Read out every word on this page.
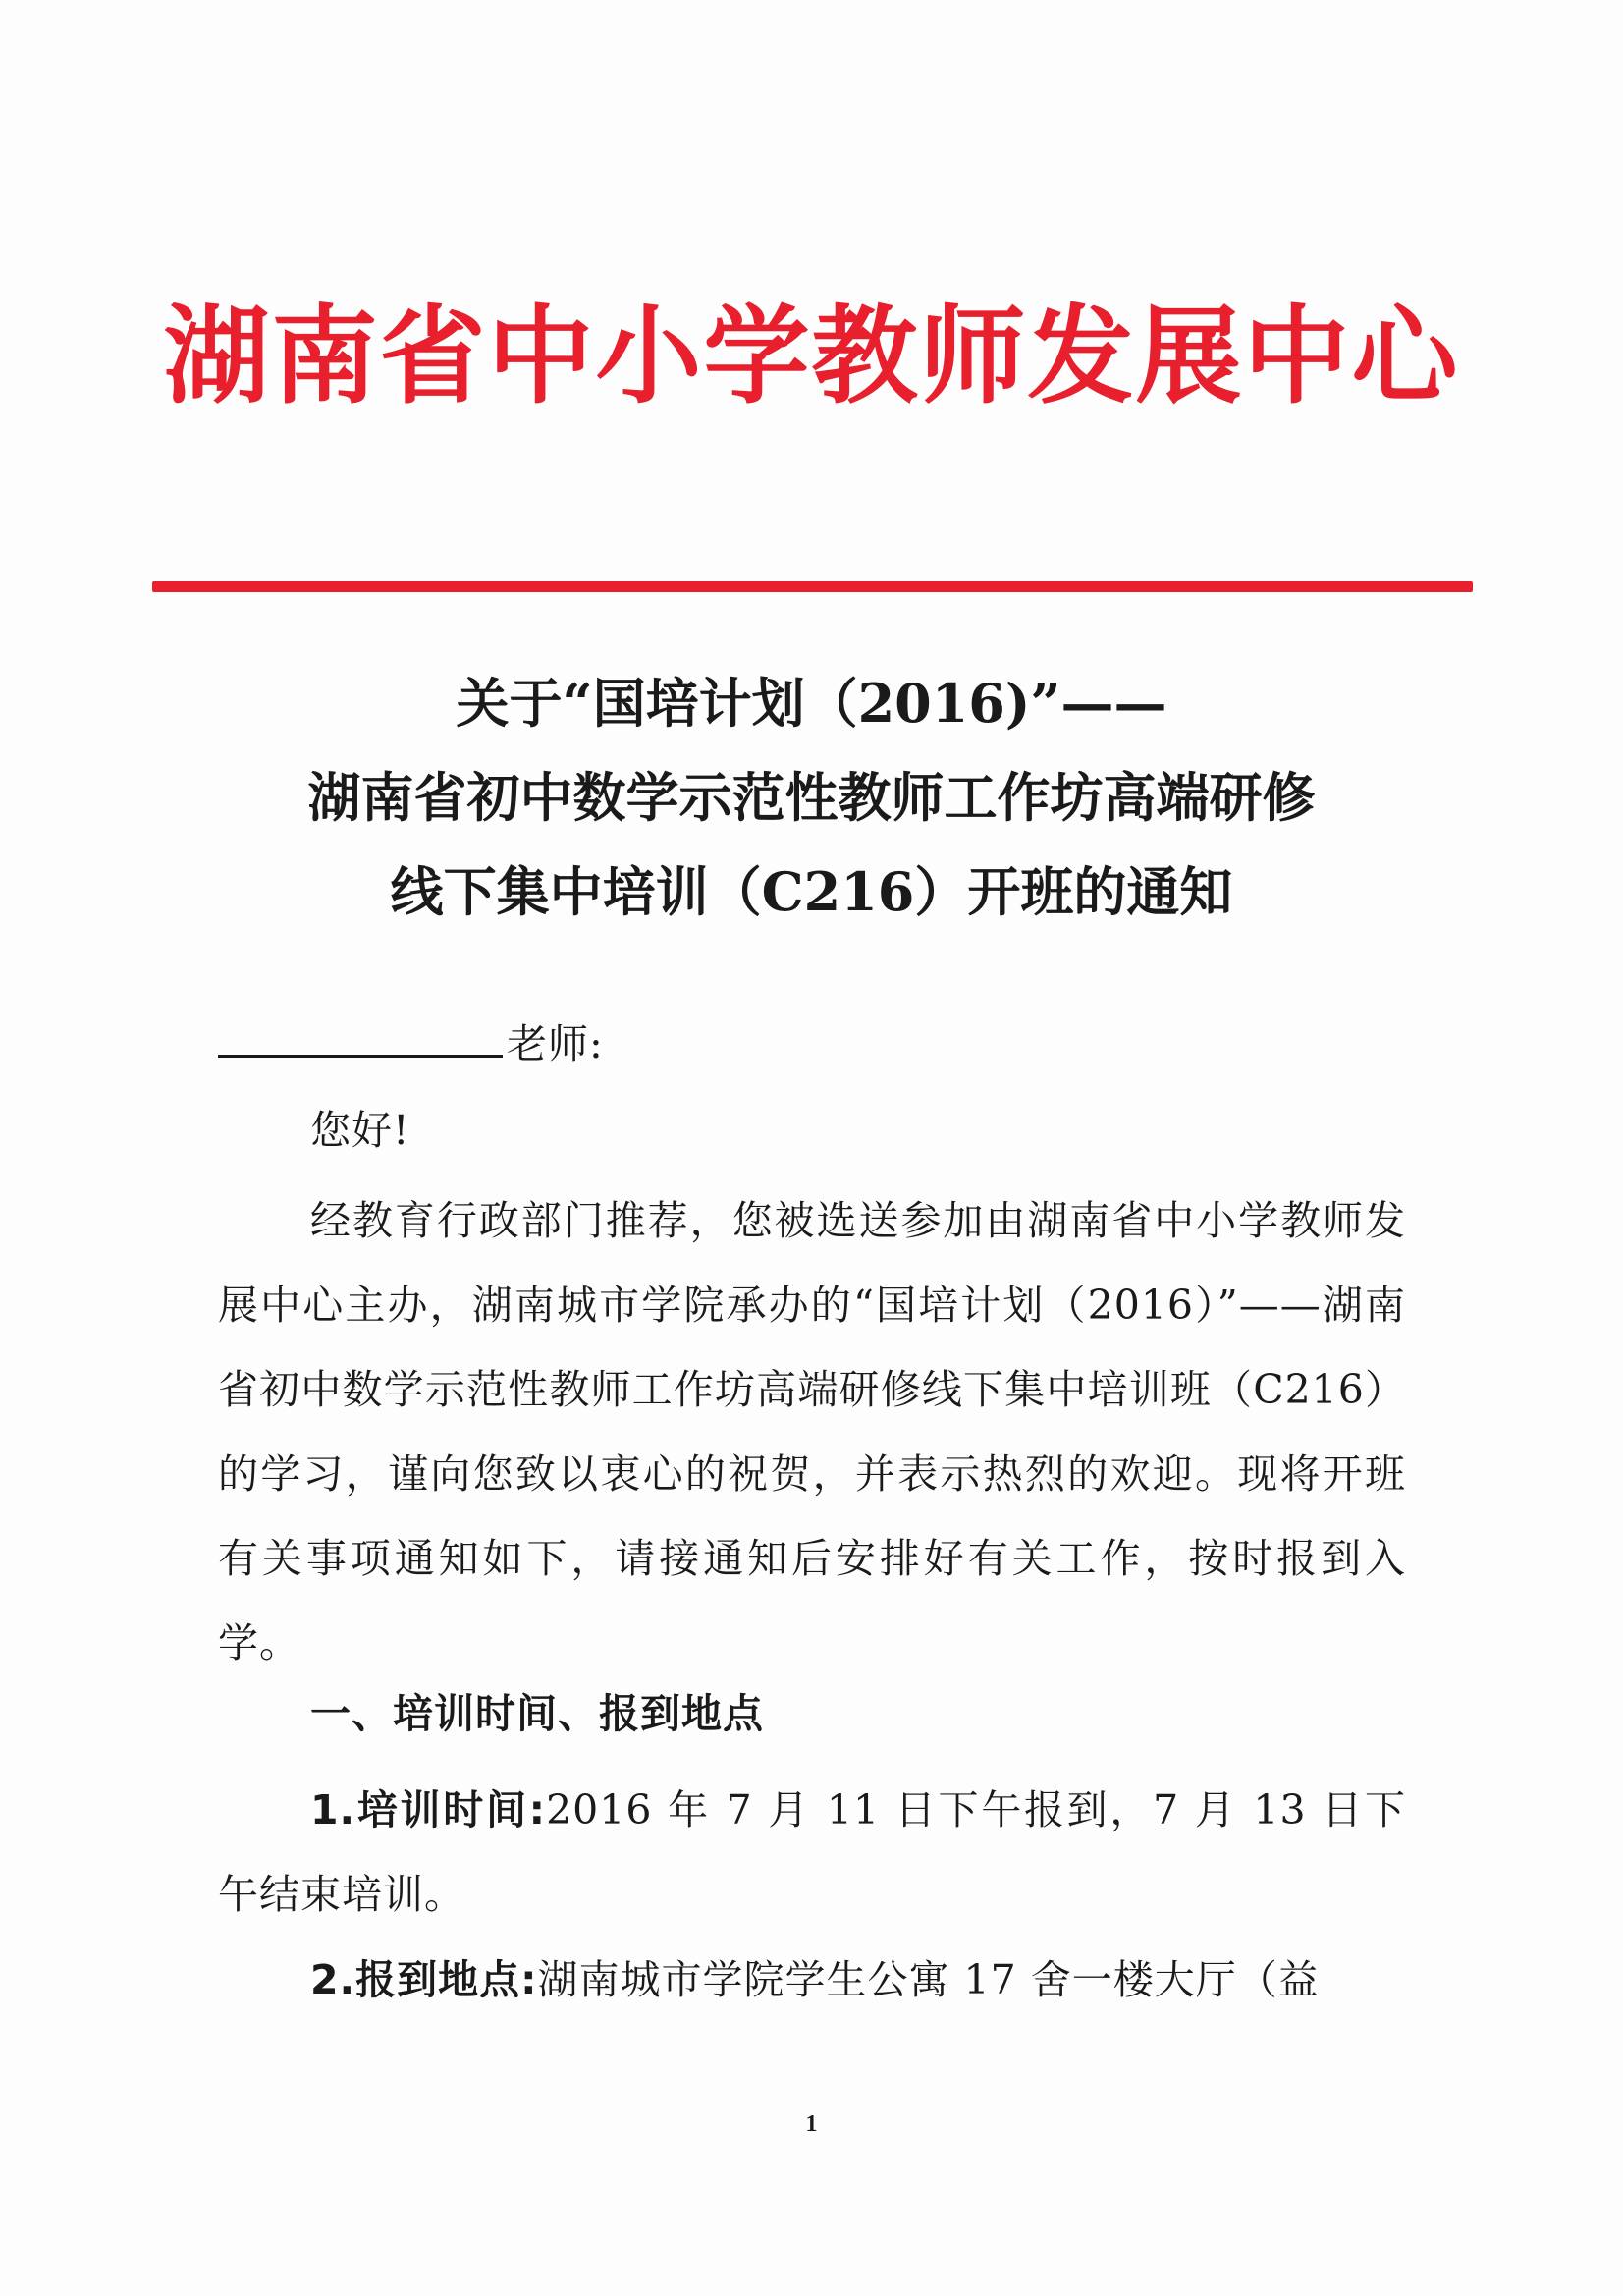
湖南省中小学教师发展中心
关于“国培计划（2016)”——
湖南省初中数学示范性教师工作坊高端研修
线下集中培训（C216）开班的通知
老师:
您好!
经教育行政部门推荐，您被选送参加由湖南省中小学教师发展中心主办，湖南城市学院承办的“国培计划（2016）”——湖南省初中数学示范性教师工作坊高端研修线下集中培训班（C216）的学习，谨向您致以衷心的祝贺，并表示热烈的欢迎。现将开班有关事项通知如下，请接通知后安排好有关工作，按时报到入学。
一、培训时间、报到地点
1.培训时间:2016 年 7 月 11 日下午报到，7 月 13 日下午结束培训。
2.报到地点:湖南城市学院学生公寓 17 舍一楼大厅（益
1
